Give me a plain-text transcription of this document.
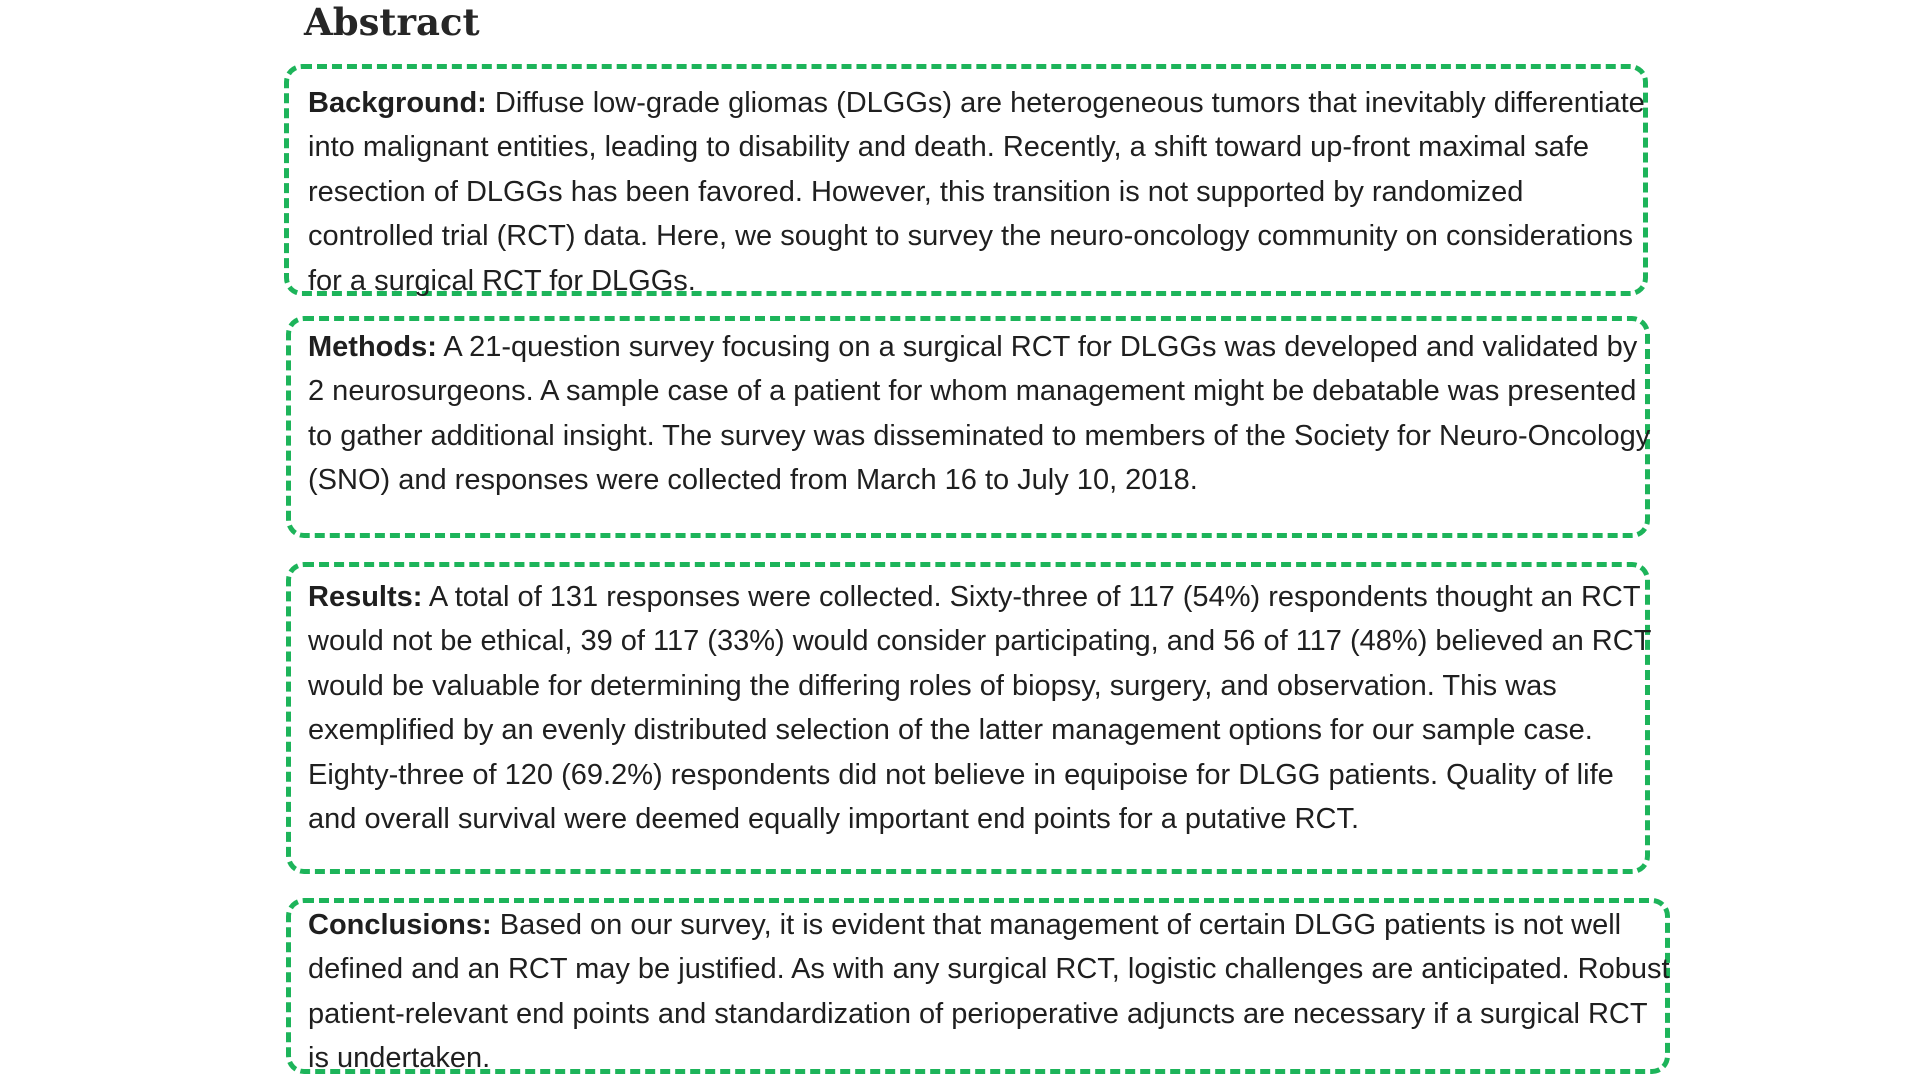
Abstract

Background: Diffuse low-grade gliomas (DLGGs) are heterogeneous tumors that inevitably differentiate into malignant entities, leading to disability and death. Recently, a shift toward up-front maximal safe resection of DLGGs has been favored. However, this transition is not supported by randomized controlled trial (RCT) data. Here, we sought to survey the neuro-oncology community on considerations for a surgical RCT for DLGGs.

Methods: A 21-question survey focusing on a surgical RCT for DLGGs was developed and validated by 2 neurosurgeons. A sample case of a patient for whom management might be debatable was presented to gather additional insight. The survey was disseminated to members of the Society for Neuro-Oncology (SNO) and responses were collected from March 16 to July 10, 2018.

Results: A total of 131 responses were collected. Sixty-three of 117 (54%) respondents thought an RCT would not be ethical, 39 of 117 (33%) would consider participating, and 56 of 117 (48%) believed an RCT would be valuable for determining the differing roles of biopsy, surgery, and observation. This was exemplified by an evenly distributed selection of the latter management options for our sample case. Eighty-three of 120 (69.2%) respondents did not believe in equipoise for DLGG patients. Quality of life and overall survival were deemed equally important end points for a putative RCT.

Conclusions: Based on our survey, it is evident that management of certain DLGG patients is not well defined and an RCT may be justified. As with any surgical RCT, logistic challenges are anticipated. Robust patient-relevant end points and standardization of perioperative adjuncts are necessary if a surgical RCT is undertaken.
